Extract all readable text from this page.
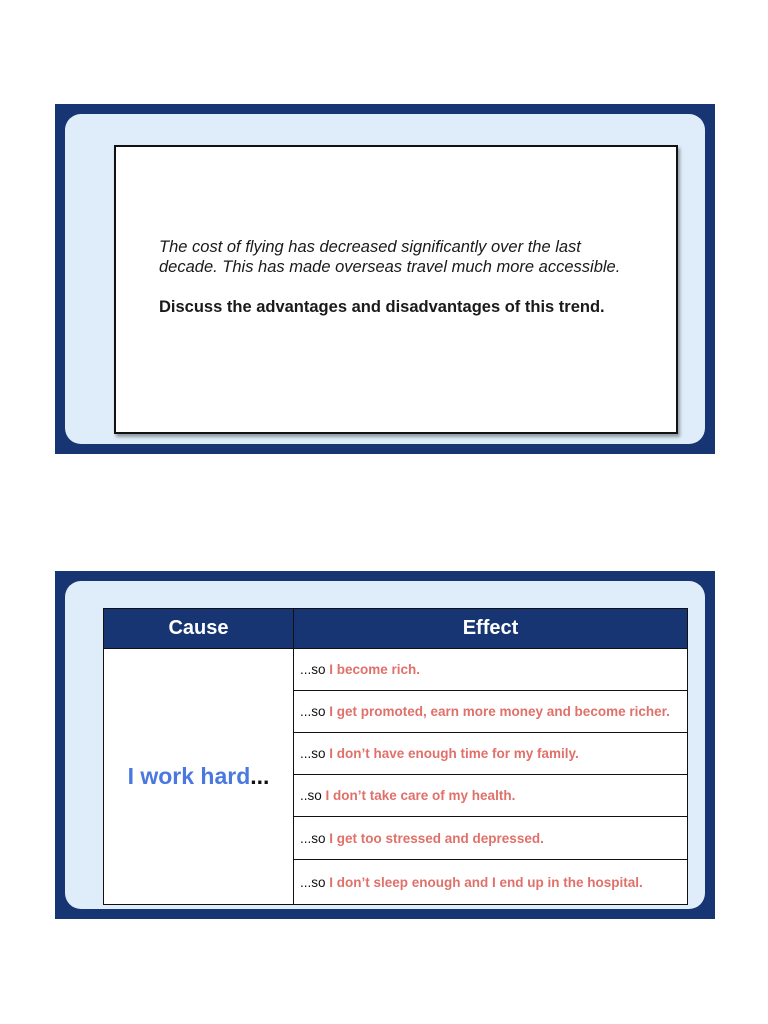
The cost of flying has decreased significantly over the last decade. This has made overseas travel much more accessible.

Discuss the advantages and disadvantages of this trend.

Cause	Effect
I work hard...	...so I become rich.
	...so I get promoted, earn more money and become richer.
	...so I don’t have enough time for my family.
	..so I don’t take care of my health.
	...so I get too stressed and depressed.
	...so I don’t sleep enough and I end up in the hospital.
